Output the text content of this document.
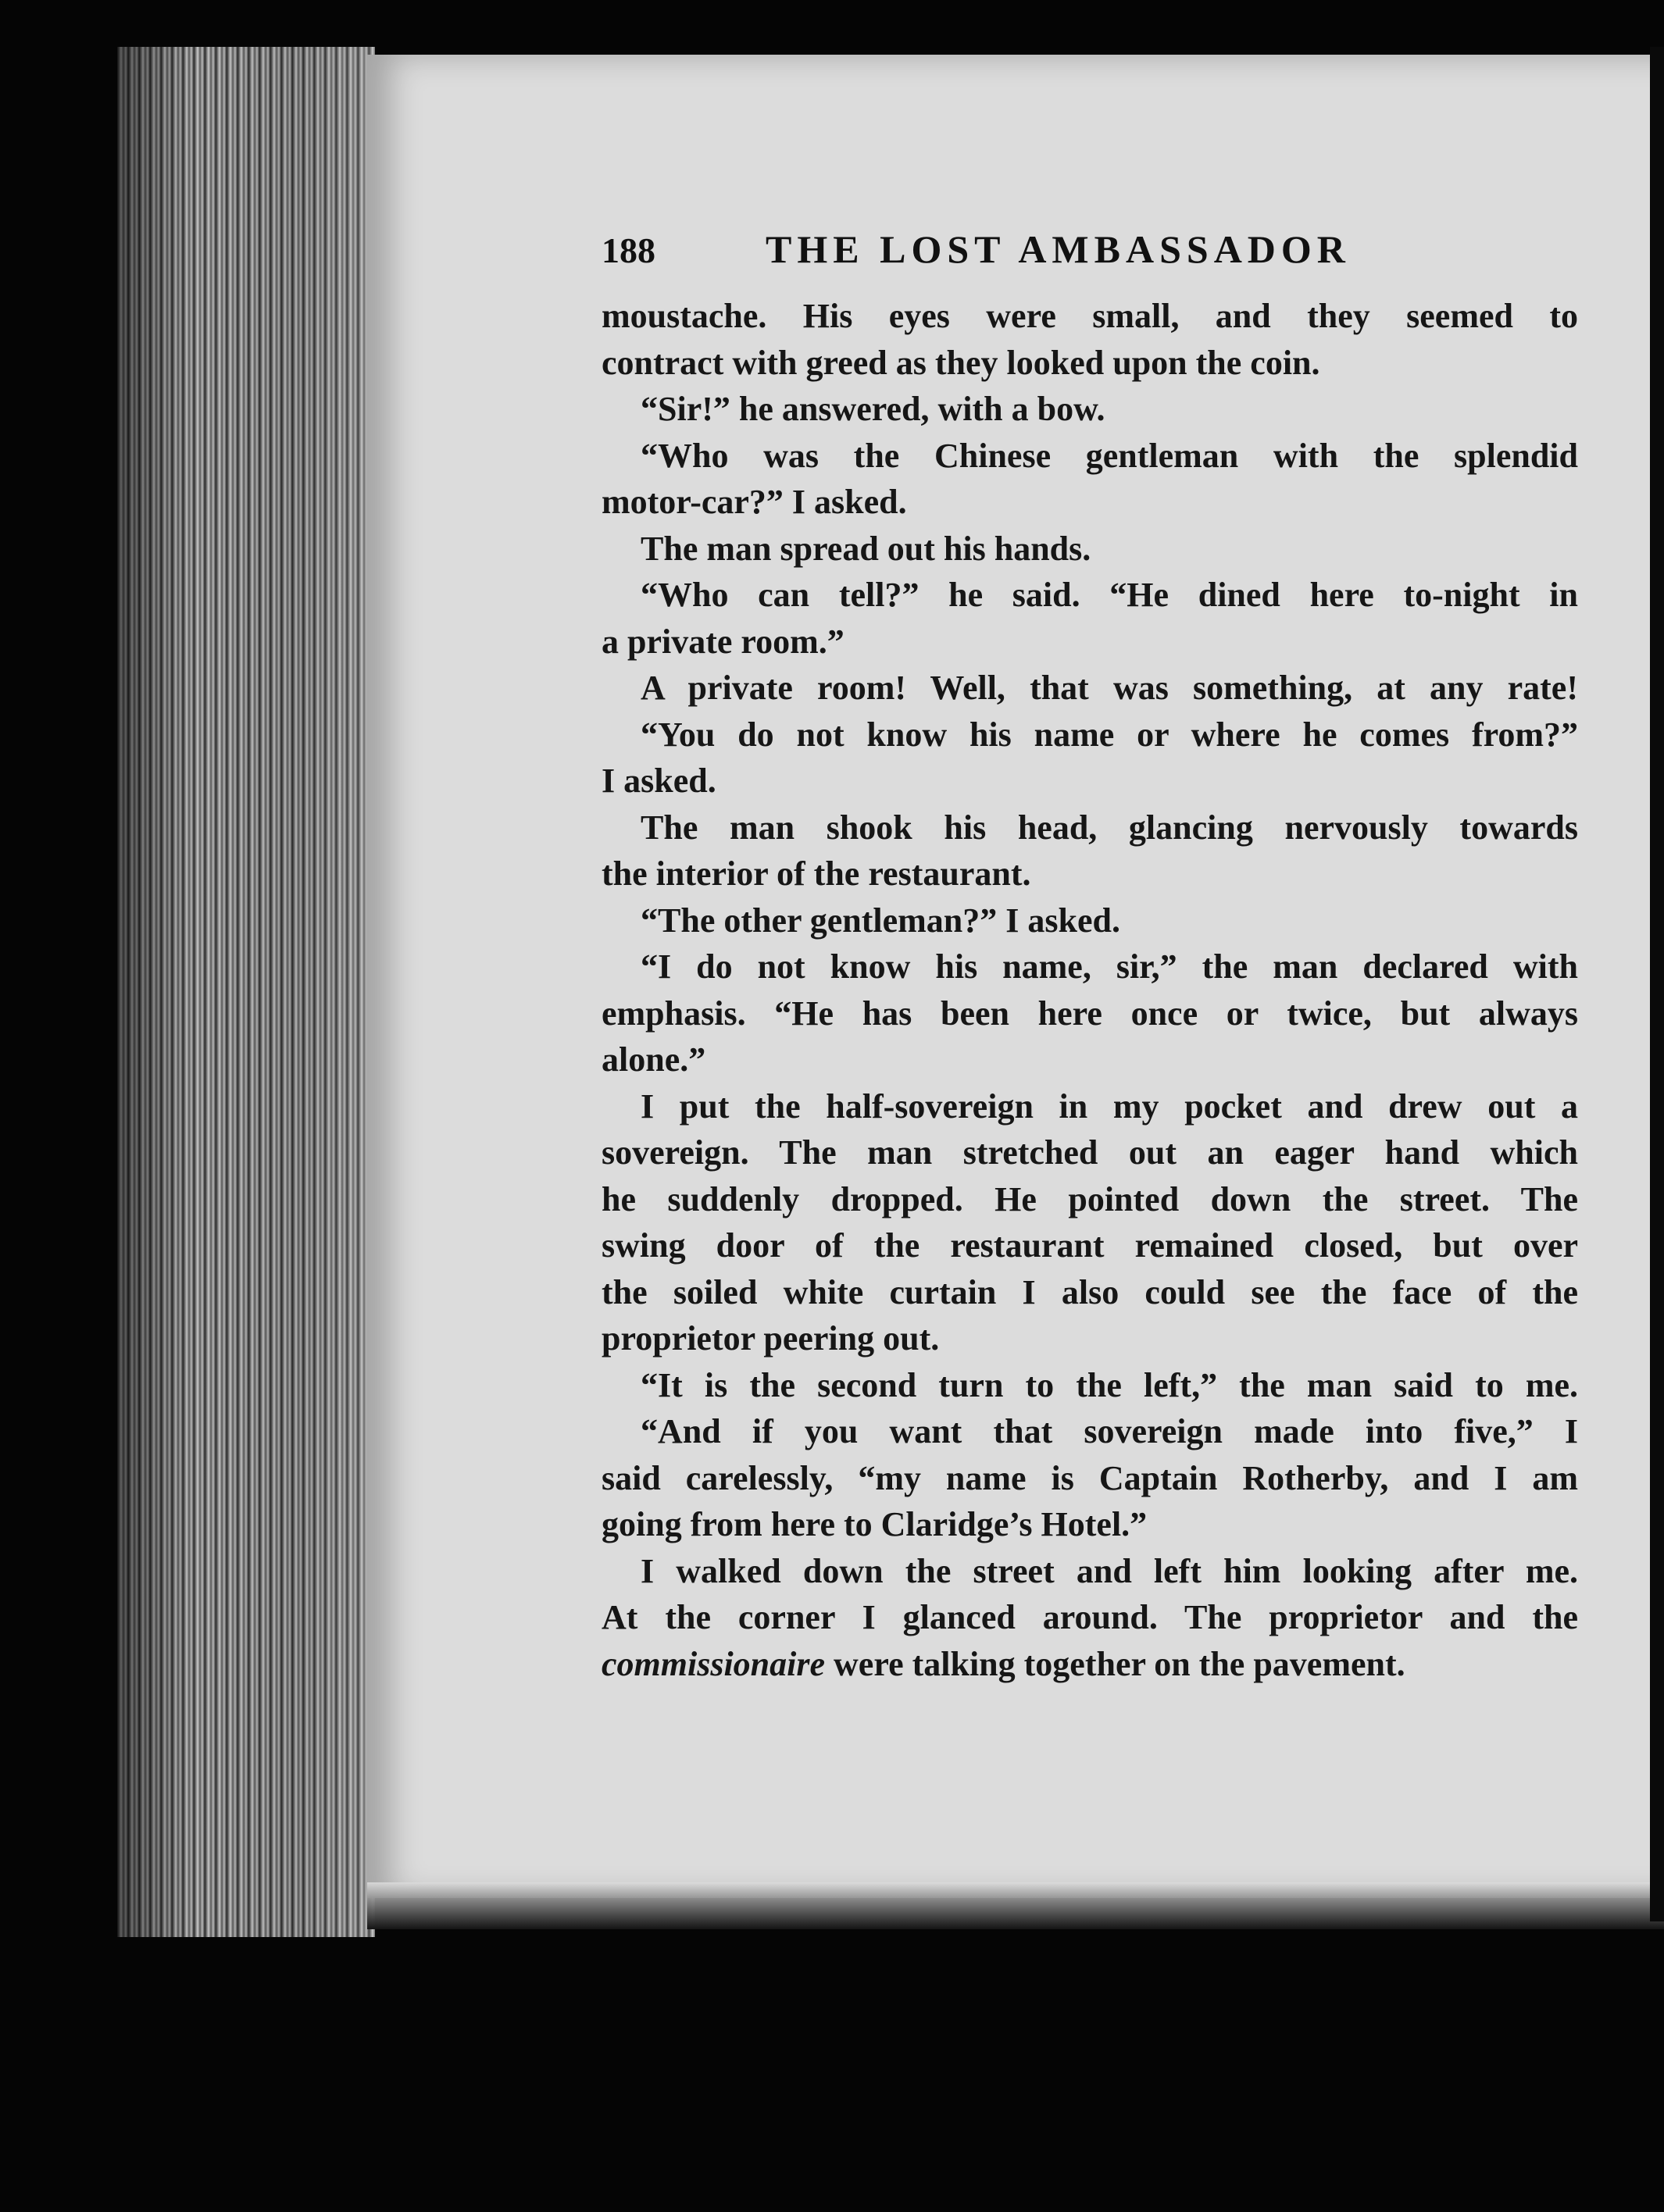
188	THE LOST AMBASSADOR
moustache. His eyes were small, and they seemed to
contract with greed as they looked upon the coin.
“Sir!” he answered, with a bow.
“Who was the Chinese gentleman with the splendid
motor-car?” I asked.
The man spread out his hands.
“Who can tell?” he said. “He dined here to-night in
a private room.”
A private room! Well, that was something, at any rate!
“You do not know his name or where he comes from?”
I asked.
The man shook his head, glancing nervously towards
the interior of the restaurant.
“The other gentleman?” I asked.
“I do not know his name, sir,” the man declared with
emphasis. “He has been here once or twice, but always
alone.”
I put the half-sovereign in my pocket and drew out a
sovereign. The man stretched out an eager hand which
he suddenly dropped. He pointed down the street. The
swing door of the restaurant remained closed, but over
the soiled white curtain I also could see the face of the
proprietor peering out.
“It is the second turn to the left,” the man said to me.
“And if you want that sovereign made into five,” I
said carelessly, “my name is Captain Rotherby, and I am
going from here to Claridge’s Hotel.”
I walked down the street and left him looking after me.
At the corner I glanced around. The proprietor and the
commissionaire were talking together on the pavement.
